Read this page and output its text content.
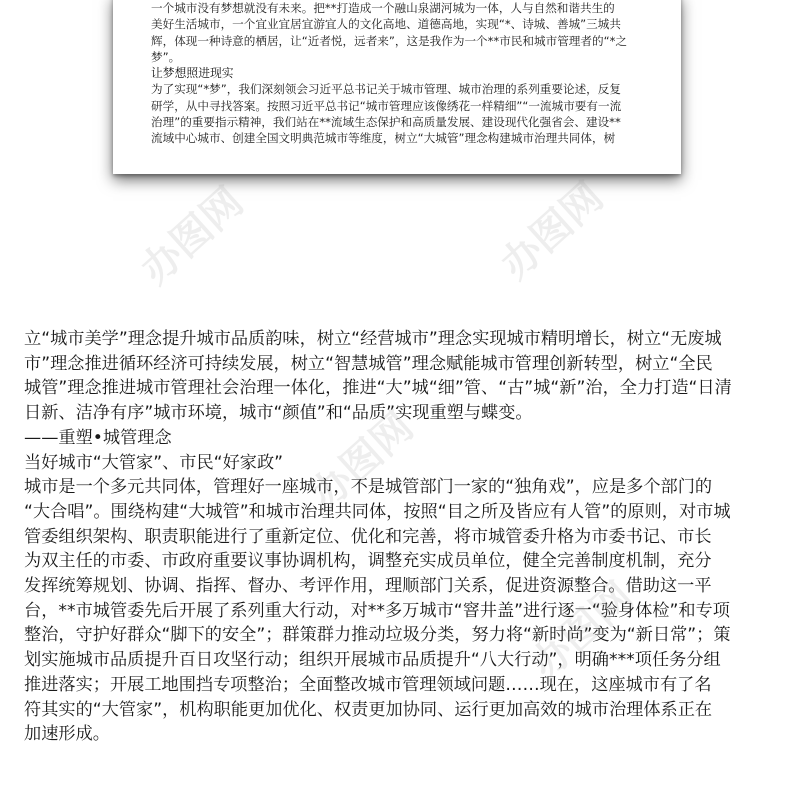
一个城市没有梦想就没有未来。把**打造成一个融山泉湖河城为一体，人与自然和谐共生的
美好生活城市，一个宜业宜居宜游宜人的文化高地、道德高地，实现“*、诗城、善城”三城共
辉，体现一种诗意的栖居，让“近者悦，远者来”，这是我作为一个**市民和城市管理者的“*之
梦”。

让梦想照进现实

为了实现“*梦”，我们深刻领会习近平总书记关于城市管理、城市治理的系列重要论述，反复
研学，从中寻找答案。按照习近平总书记“城市管理应该像绣花一样精细”“一流城市要有一流
治理”的重要指示精神，我们站在**流域生态保护和高质量发展、建设现代化强省会、建设**
流域中心城市、创建全国文明典范城市等维度，树立“大城管”理念构建城市治理共同体，树

办图网	办图网
立“城市美学”理念提升城市品质韵味，树立“经营城市”理念实现城市精明增长，树立“无废城
市”理念推进循环经济可持续发展，树立“智慧城管”理念赋能城市管理创新转型，树立“全民
城管”理念推进城市管理社会治理一体化，推进“大”城“细”管、“古”城“新”治，全力打造“日清
日新、洁净有序”城市环境，城市“颜值”和“品质”实现重塑与蝶变。
——重塑•城管理念
当好城市“大管家”、市民“好家政”
城市是一个多元共同体，管理好一座城市，不是城管部门一家的“独角戏”，应是多个部门的
“大合唱”。围绕构建“大城管”和城市治理共同体，按照“目之所及皆应有人管”的原则，对市城
管委组织架构、职责职能进行了重新定位、优化和完善，将市城管委升格为市委书记、市长
为双主任的市委、市政府重要议事协调机构，调整充实成员单位，健全完善制度机制，充分
发挥统筹规划、协调、指挥、督办、考评作用，理顺部门关系，促进资源整合。借助这一平
台，**市城管委先后开展了系列重大行动，对**多万城市“窨井盖”进行逐一“验身体检”和专项
整治，守护好群众“脚下的安全”；群策群力推动垃圾分类，努力将“新时尚”变为“新日常”；策
划实施城市品质提升百日攻坚行动；组织开展城市品质提升“八大行动”，明确***项任务分组
推进落实；开展工地围挡专项整治；全面整改城市管理领域问题……现在，这座城市有了名
符其实的“大管家”，机构职能更加优化、权责更加协同、运行更加高效的城市治理体系正在
加速形成。
办图网
办图网
